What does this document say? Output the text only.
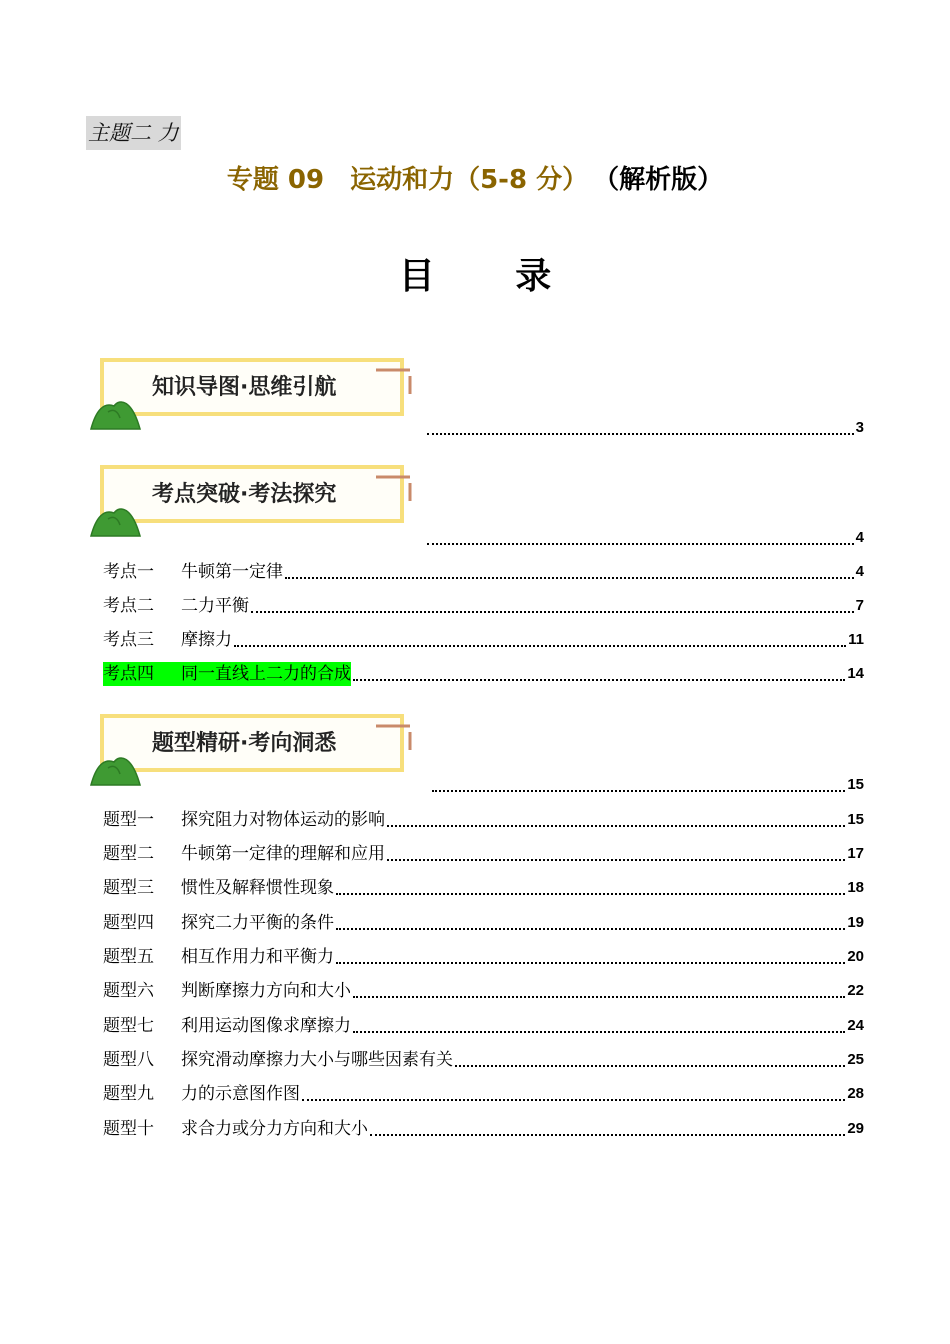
主题二 力
专题 09　运动和力（5-8 分） （解析版）
目 录
知识导图·思维引航
3
考点突破·考法探究
4
考点一	牛顿第一定律	4
考点二	二力平衡	7
考点三	摩擦力	11
考点四	同一直线上二力的合成	14
题型精研·考向洞悉
15
题型一	探究阻力对物体运动的影响	15
题型二	牛顿第一定律的理解和应用	17
题型三	惯性及解释惯性现象	18
题型四	探究二力平衡的条件	19
题型五	相互作用力和平衡力	20
题型六	判断摩擦力方向和大小	22
题型七	利用运动图像求摩擦力	24
题型八	探究滑动摩擦力大小与哪些因素有关	25
题型九	力的示意图作图	28
题型十	求合力或分力方向和大小	29
